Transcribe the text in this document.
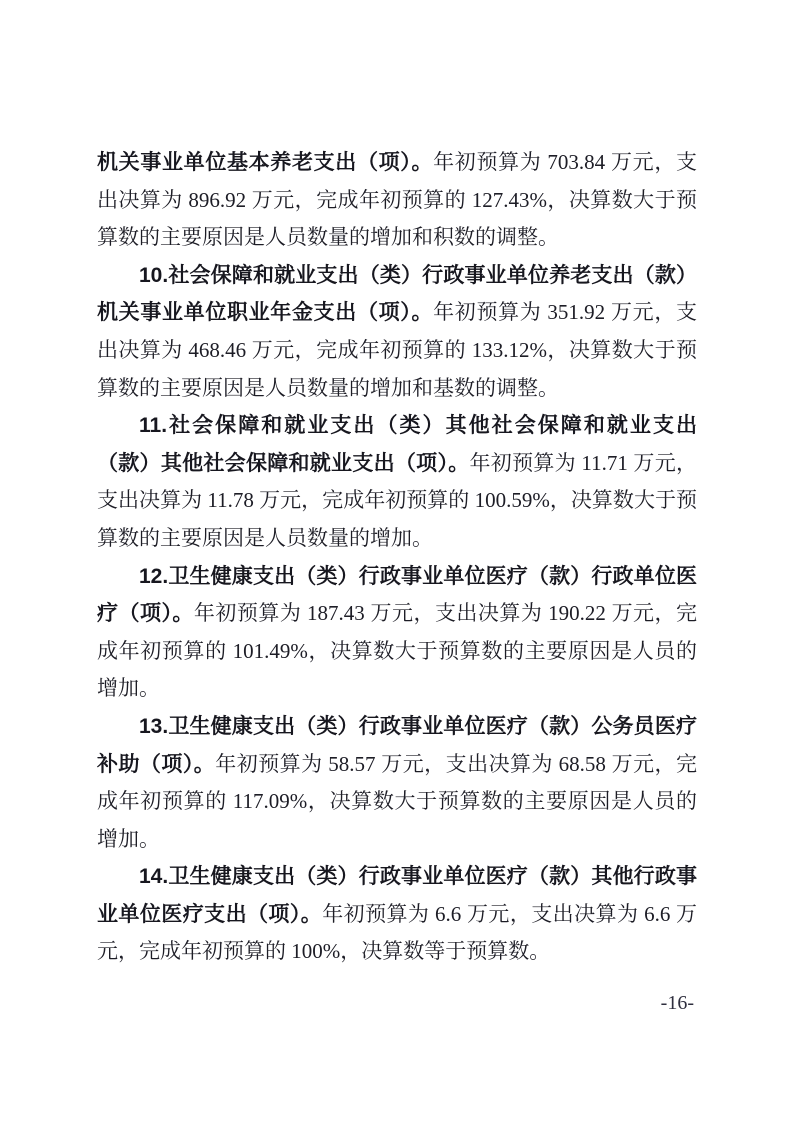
机关事业单位基本养老支出（项）。年初预算为 703.84 万元，支出决算为 896.92 万元，完成年初预算的 127.43%，决算数大于预算数的主要原因是人员数量的增加和积数的调整。

10.社会保障和就业支出（类）行政事业单位养老支出（款）机关事业单位职业年金支出（项）。年初预算为 351.92 万元，支出决算为 468.46 万元，完成年初预算的 133.12%，决算数大于预算数的主要原因是人员数量的增加和基数的调整。

11.社会保障和就业支出（类）其他社会保障和就业支出（款）其他社会保障和就业支出（项）。年初预算为 11.71 万元，支出决算为 11.78 万元，完成年初预算的 100.59%，决算数大于预算数的主要原因是人员数量的增加。

12.卫生健康支出（类）行政事业单位医疗（款）行政单位医疗（项）。年初预算为 187.43 万元，支出决算为 190.22 万元，完成年初预算的 101.49%，决算数大于预算数的主要原因是人员的增加。

13.卫生健康支出（类）行政事业单位医疗（款）公务员医疗补助（项）。年初预算为 58.57 万元，支出决算为 68.58 万元，完成年初预算的 117.09%，决算数大于预算数的主要原因是人员的增加。

14.卫生健康支出（类）行政事业单位医疗（款）其他行政事业单位医疗支出（项）。年初预算为 6.6 万元，支出决算为 6.6 万元，完成年初预算的 100%，决算数等于预算数。

-16-
